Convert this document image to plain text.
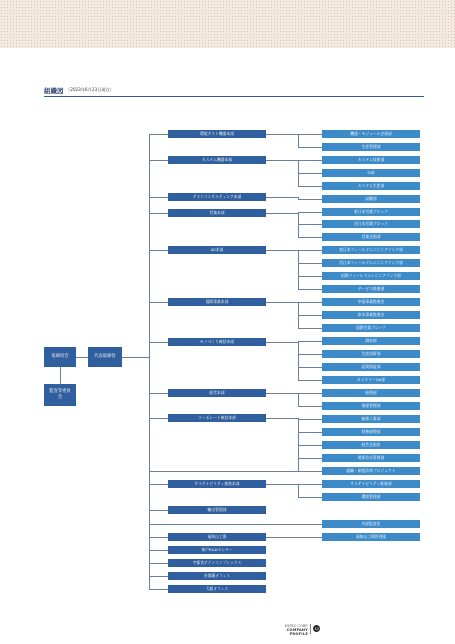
組織図 （2023年6月23日現在）
取締役会
監査等委員会
代表取締役
環境テスト機器本部
カスタム機器本部
テストコンサルティング本部
営業本部
AS本部
国際事業本部
モノづくり統括本部
経営本部
コーポレート統括本部
サステナビリティ推進本部
輸出管理部
福知山工場
神戸R&Dセンター
宇都宮テクノコンプレックス
首都圏オフィス
大阪オフィス
機器・モジュール企画部
生産管理部
カスタム技術部
SI部
カスタム生産部
試験部
東日本営業ブロック
西日本営業ブロック
営業企画部
東日本フィールドエンジニアリング部
西日本フィールドエンジニアリング部
国際フィールドエンジニアリング部
サービス推進部
中国事業推進室
欧米事業推進室
国際営業ブロック
調材部
生産技術部
品質保証部
カスタマーQA部
経理部
情報管理部
総務人事部
財務経理部
経営企画室
関係会社管理部
組織・制度改革プロジェクト
サステナビリティ推進部
環境管理部
内部監査室
福知山工場管理部
ESPEC CORP.
COMPANY PROFILE
10
